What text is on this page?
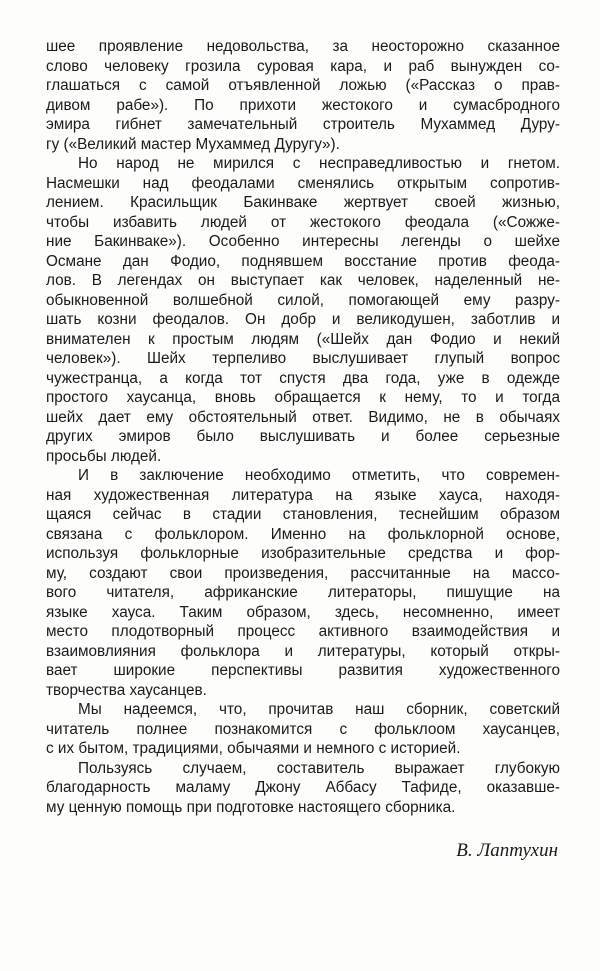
шее проявление недовольства, за неосторожно сказанное
слово человеку грозила суровая кара, и раб вынужден со-
глашаться с самой отъявленной ложью («Рассказ о прав-
дивом рабе»). По прихоти жестокого и сумасбродного
эмира гибнет замечательный строитель Мухаммед Дуру-
гу («Великий мастер Мухаммед Дуругу»).
Но народ не мирился с несправедливостью и гнетом.
Насмешки над феодалами сменялись открытым сопротив-
лением. Красильщик Бакинваке жертвует своей жизнью,
чтобы избавить людей от жестокого феодала («Сожже-
ние Бакинваке»). Особенно интересны легенды о шейхе
Османе дан Фодио, поднявшем восстание против феода-
лов. В легендах он выступает как человек, наделенный не-
обыкновенной волшебной силой, помогающей ему разру-
шать козни феодалов. Он добр и великодушен, заботлив и
внимателен к простым людям («Шейх дан Фодио и некий
человек»). Шейх терпеливо выслушивает глупый вопрос
чужестранца, а когда тот спустя два года, уже в одежде
простого хаусанца, вновь обращается к нему, то и тогда
шейх дает ему обстоятельный ответ. Видимо, не в обычаях
других эмиров было выслушивать и более серьезные
просьбы людей.
И в заключение необходимо отметить, что современ-
ная художественная литература на языке хауса, находя-
щаяся сейчас в стадии становления, теснейшим образом
связана с фольклором. Именно на фольклорной основе,
используя фольклорные изобразительные средства и фор-
му, создают свои произведения, рассчитанные на массо-
вого читателя, африканские литераторы, пишущие на
языке хауса. Таким образом, здесь, несомненно, имеет
место плодотворный процесс активного взаимодействия и
взаимовлияния фольклора и литературы, который откры-
вает широкие перспективы развития художественного
творчества хаусанцев.
Мы надеемся, что, прочитав наш сборник, советский
читатель полнее познакомится с фольклоом хаусанцев,
с их бытом, традициями, обычаями и немного с историей.
Пользуясь случаем, составитель выражает глубокую
благодарность маламу Джону Аббасу Тафиде, оказавше-
му ценную помощь при подготовке настоящего сборника.
В. Лаптухин
